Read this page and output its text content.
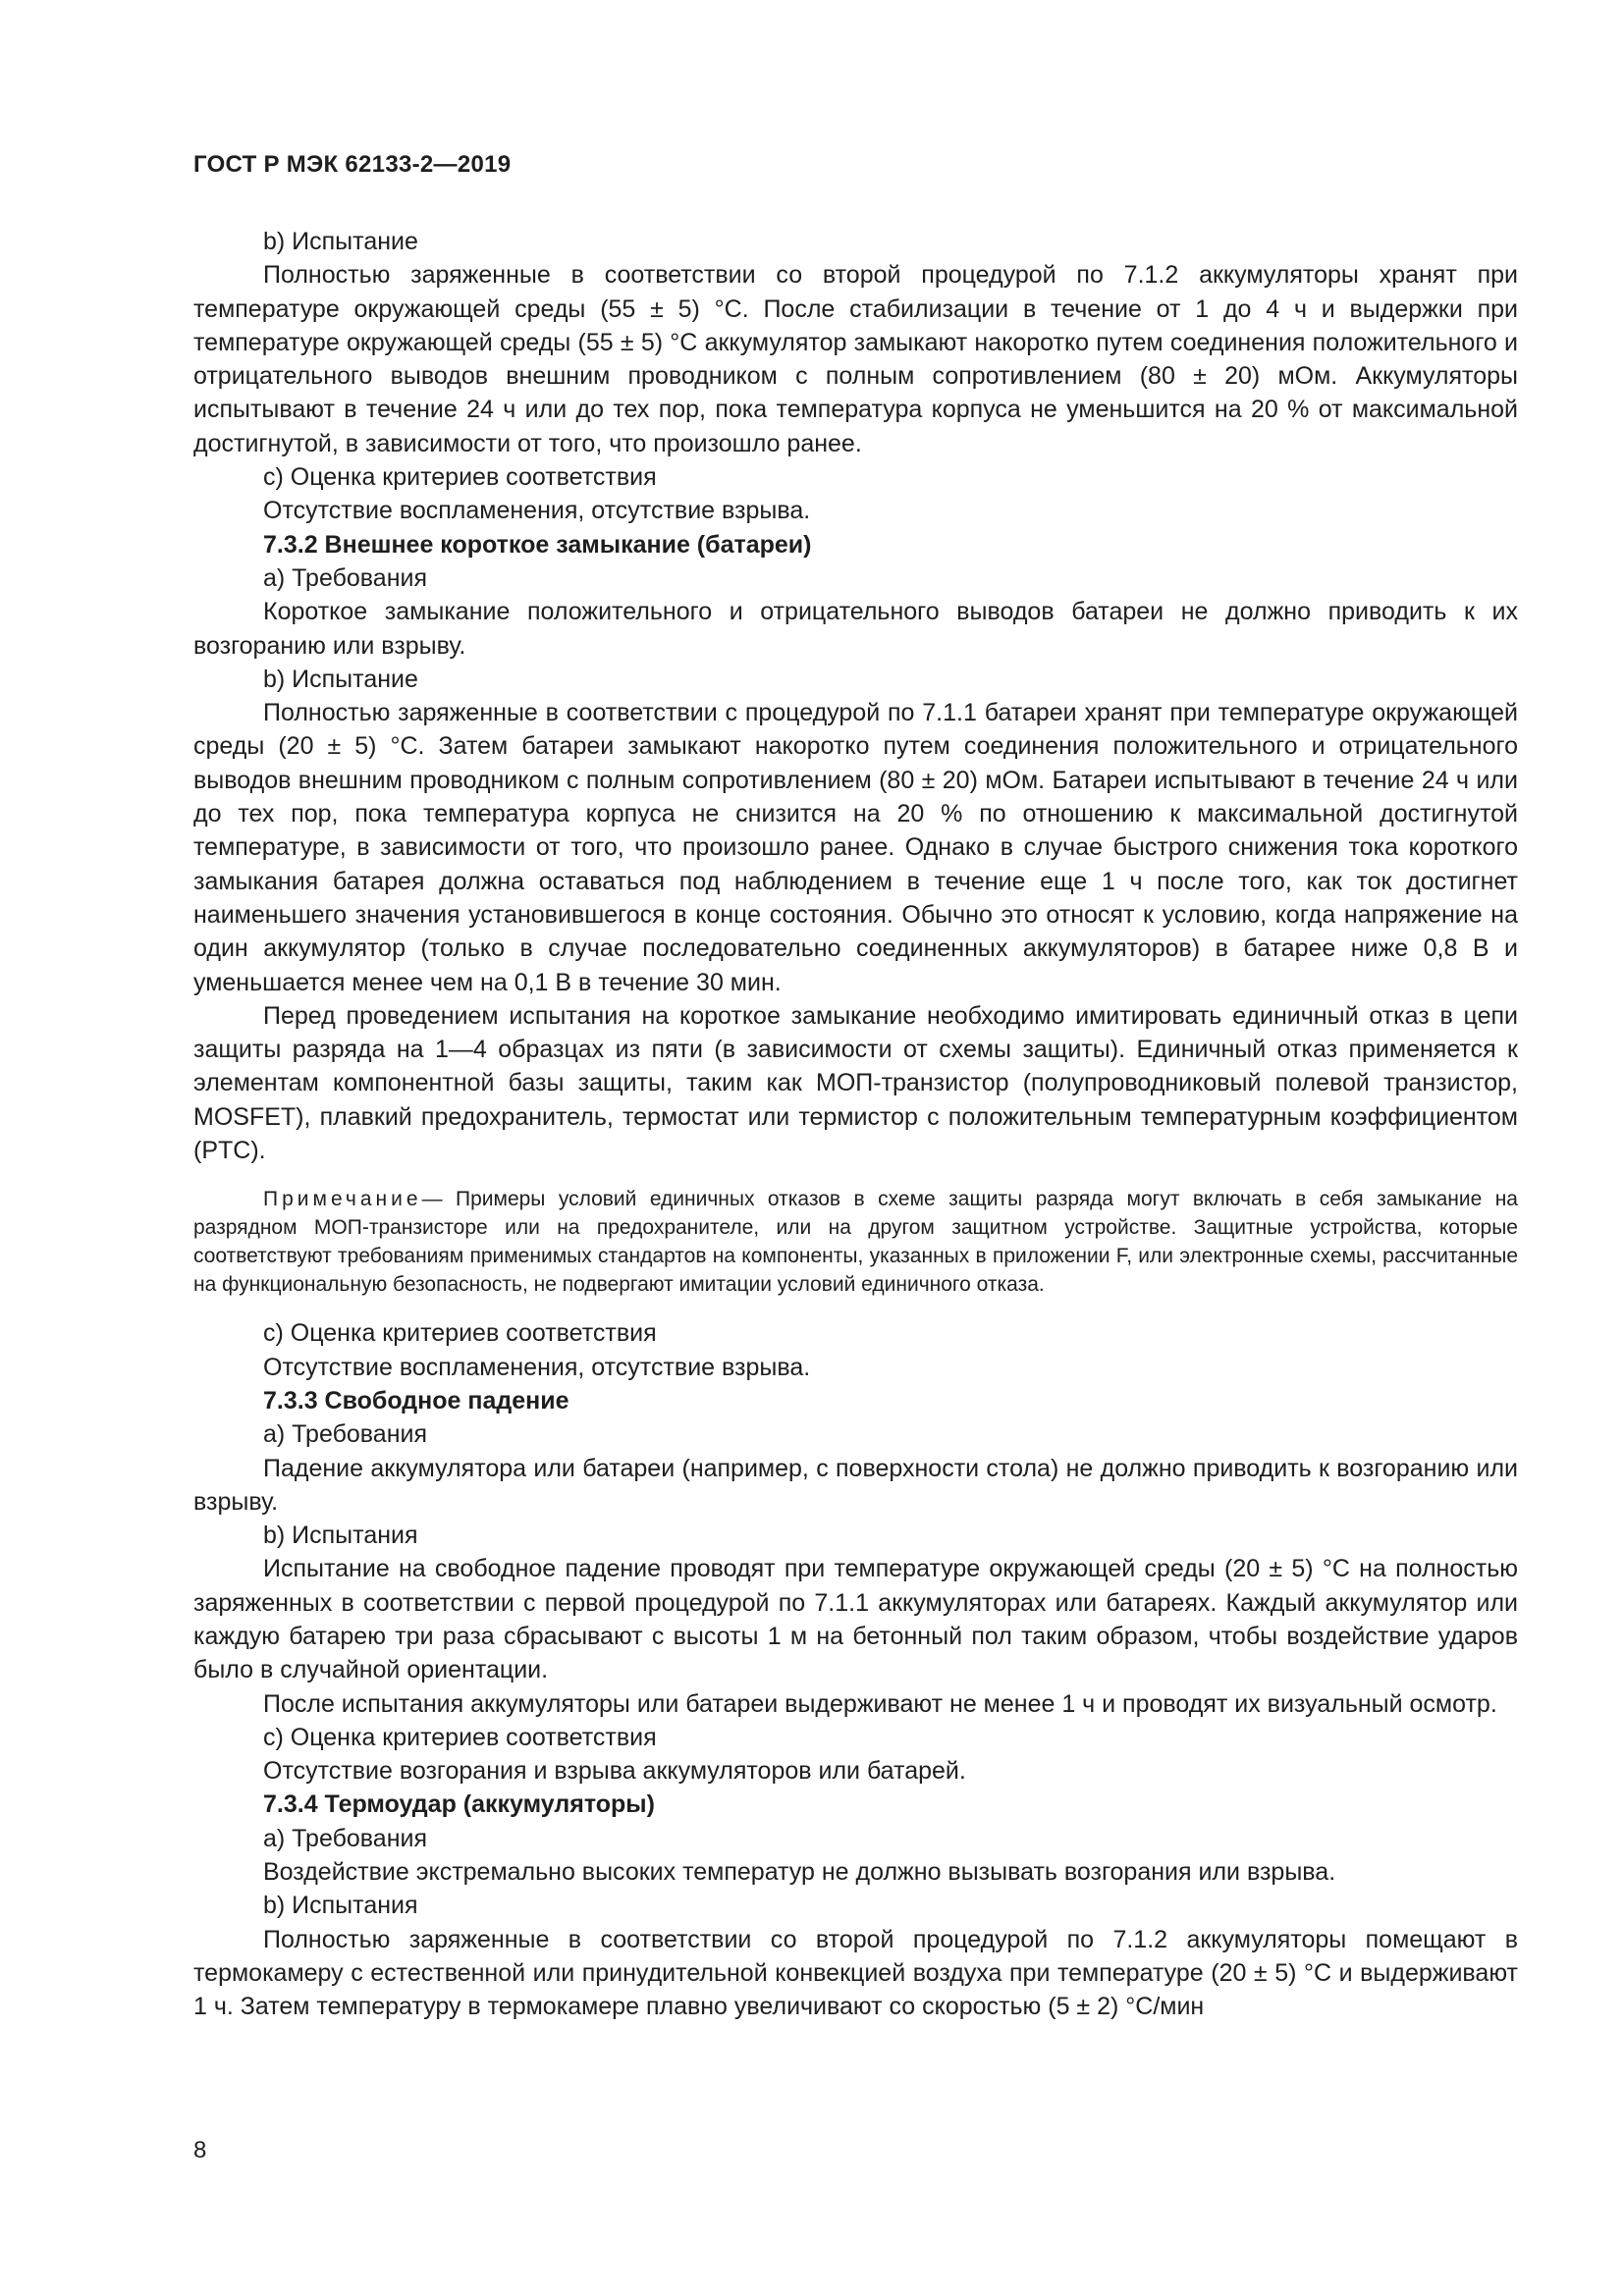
ГОСТ Р МЭК 62133-2—2019

b) Испытание

Полностью заряженные в соответствии со второй процедурой по 7.1.2 аккумуляторы хранят при температуре окружающей среды (55 ± 5) °С. После стабилизации в течение от 1 до 4 ч и выдержки при температуре окружающей среды (55 ± 5) °С аккумулятор замыкают накоротко путем соединения положительного и отрицательного выводов внешним проводником с полным сопротивлением (80 ± 20) мОм. Аккумуляторы испытывают в течение 24 ч или до тех пор, пока температура корпуса не уменьшится на 20 % от максимальной достигнутой, в зависимости от того, что произошло ранее.

c) Оценка критериев соответствия

Отсутствие воспламенения, отсутствие взрыва.

7.3.2 Внешнее короткое замыкание (батареи)

a) Требования

Короткое замыкание положительного и отрицательного выводов батареи не должно приводить к их возгоранию или взрыву.

b) Испытание

Полностью заряженные в соответствии с процедурой по 7.1.1 батареи хранят при температуре окружающей среды (20 ± 5) °С. Затем батареи замыкают накоротко путем соединения положительного и отрицательного выводов внешним проводником с полным сопротивлением (80 ± 20) мОм. Батареи испытывают в течение 24 ч или до тех пор, пока температура корпуса не снизится на 20 % по отношению к максимальной достигнутой температуре, в зависимости от того, что произошло ранее. Однако в случае быстрого снижения тока короткого замыкания батарея должна оставаться под наблюдением в течение еще 1 ч после того, как ток достигнет наименьшего значения установившегося в конце состояния. Обычно это относят к условию, когда напряжение на один аккумулятор (только в случае последовательно соединенных аккумуляторов) в батарее ниже 0,8 В и уменьшается менее чем на 0,1 В в течение 30 мин.

Перед проведением испытания на короткое замыкание необходимо имитировать единичный отказ в цепи защиты разряда на 1—4 образцах из пяти (в зависимости от схемы защиты). Единичный отказ применяется к элементам компонентной базы защиты, таким как МОП-транзистор (полупроводниковый полевой транзистор, MOSFET), плавкий предохранитель, термостат или термистор с положительным температурным коэффициентом (PTC).

Примечание— Примеры условий единичных отказов в схеме защиты разряда могут включать в себя замыкание на разрядном МОП-транзисторе или на предохранителе, или на другом защитном устройстве. Защитные устройства, которые соответствуют требованиям применимых стандартов на компоненты, указанных в приложении F, или электронные схемы, рассчитанные на функциональную безопасность, не подвергают имитации условий единичного отказа.

c) Оценка критериев соответствия

Отсутствие воспламенения, отсутствие взрыва.

7.3.3 Свободное падение

a) Требования

Падение аккумулятора или батареи (например, с поверхности стола) не должно приводить к возгоранию или взрыву.

b) Испытания

Испытание на свободное падение проводят при температуре окружающей среды (20 ± 5) °С на полностью заряженных в соответствии с первой процедурой по 7.1.1 аккумуляторах или батареях. Каждый аккумулятор или каждую батарею три раза сбрасывают с высоты 1 м на бетонный пол таким образом, чтобы воздействие ударов было в случайной ориентации.

После испытания аккумуляторы или батареи выдерживают не менее 1 ч и проводят их визуальный осмотр.

c) Оценка критериев соответствия

Отсутствие возгорания и взрыва аккумуляторов или батарей.

7.3.4 Термоудар (аккумуляторы)

a) Требования

Воздействие экстремально высоких температур не должно вызывать возгорания или взрыва.

b) Испытания

Полностью заряженные в соответствии со второй процедурой по 7.1.2 аккумуляторы помещают в термокамеру с естественной или принудительной конвекцией воздуха при температуре (20 ± 5) °С и выдерживают 1 ч. Затем температуру в термокамере плавно увеличивают со скоростью (5 ± 2) °С/мин

8
